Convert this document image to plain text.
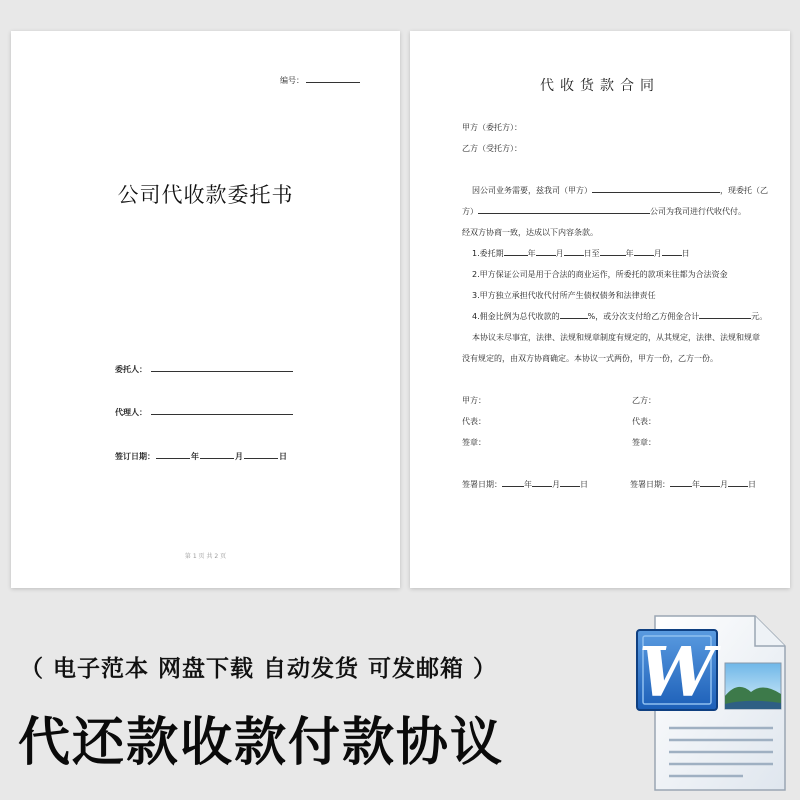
编号：
公司代收款委托书
委托人：
代理人：
签订日期：	年	月	日
第 1 页 共 2 页
代收货款合同
甲方（委托方）：
乙方（受托方）：
因公司业务需要，兹我司（甲方）	，现委托（乙
方）	公司为我司进行代收代付。
经双方协商一致，达成以下内容条款。
1.委托期	年	月	日至	年	月	日
2.甲方保证公司是用于合法的商业运作，所委托的款项来往都为合法资金
3.甲方独立承担代收代付所产生债权债务和法律责任
4.佣金比例为总代收款的	%，或分次支付给乙方佣金合计	元。
本协议未尽事宜，法律、法规和规章制度有规定的，从其规定，法律、法规和规章
没有规定的，由双方协商确定。本协议一式两份，甲方一份，乙方一份。
甲方：	乙方：
代表：	代表：
签章：	签章：
签署日期：	年	月	日	签署日期：	年	月	日
（ 电子范本 网盘下载 自动发货 可发邮箱 ）
代还款收款付款协议
W
